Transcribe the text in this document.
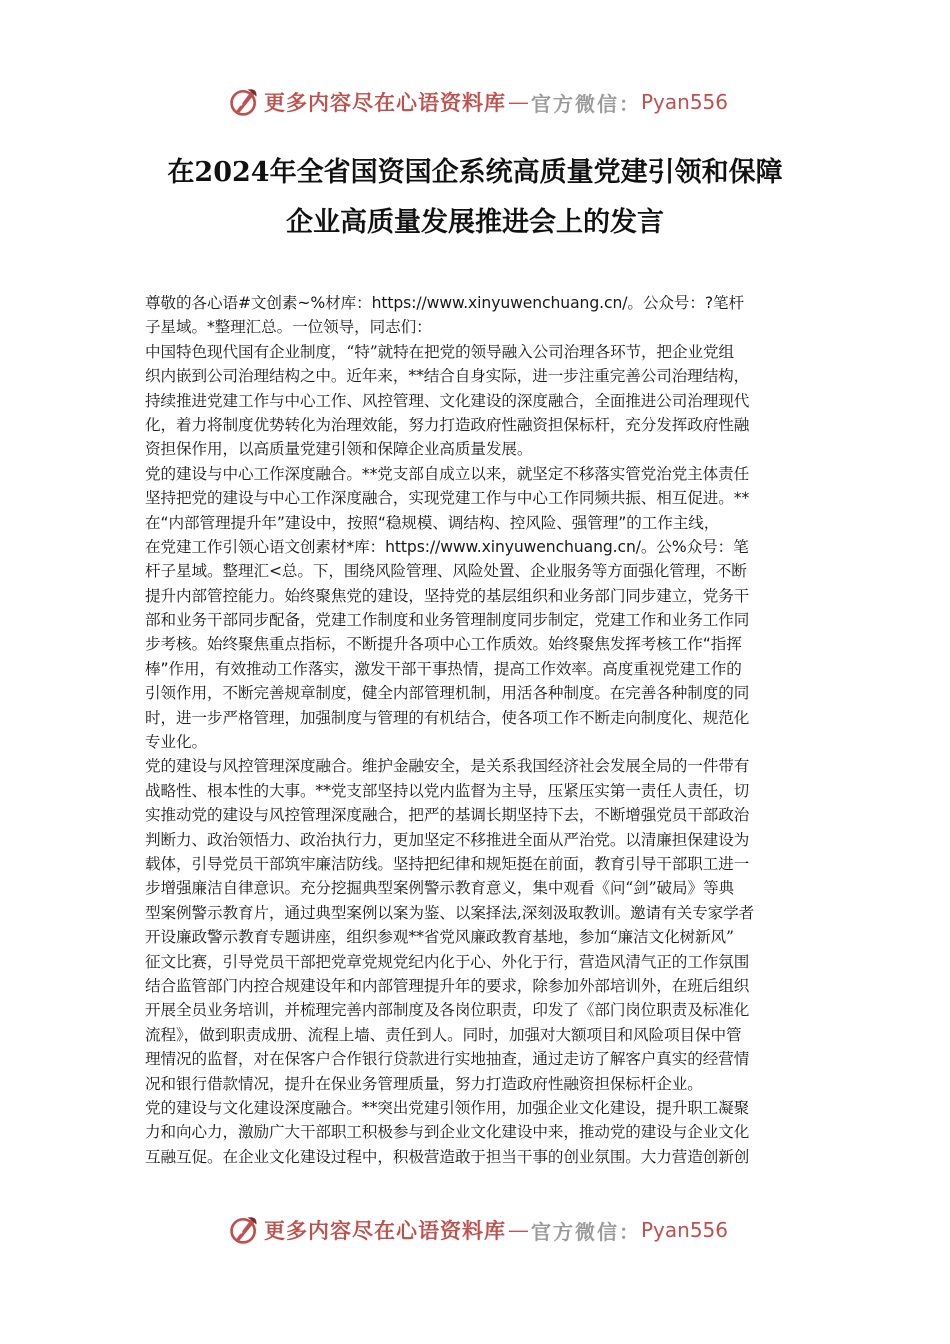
更多内容尽在心语资料库 — 官方微信： Pyan556
在2024年全省国资国企系统高质量党建引领和保障
企业高质量发展推进会上的发言
尊敬的各心语#文创素~%材库：https://www.xinyuwenchuang.cn/。公众号：?笔杆
子星域。*整理汇总。一位领导，同志们：
中国特色现代国有企业制度，“特”就特在把党的领导融入公司治理各环节，把企业党组
织内嵌到公司治理结构之中。近年来，**结合自身实际，进一步注重完善公司治理结构，
持续推进党建工作与中心工作、风控管理、文化建设的深度融合，全面推进公司治理现代
化，着力将制度优势转化为治理效能，努力打造政府性融资担保标杆，充分发挥政府性融
资担保作用，以高质量党建引领和保障企业高质量发展。
党的建设与中心工作深度融合。**党支部自成立以来，就坚定不移落实管党治党主体责任
坚持把党的建设与中心工作深度融合，实现党建工作与中心工作同频共振、相互促进。**
在“内部管理提升年”建设中，按照“稳规模、调结构、控风险、强管理”的工作主线，
在党建工作引领心语文创素材*库：https://www.xinyuwenchuang.cn/。公%众号：笔
杆子星域。整理汇<总。下，围绕风险管理、风险处置、企业服务等方面强化管理，不断
提升内部管控能力。始终聚焦党的建设，坚持党的基层组织和业务部门同步建立，党务干
部和业务干部同步配备，党建工作制度和业务管理制度同步制定，党建工作和业务工作同
步考核。始终聚焦重点指标，不断提升各项中心工作质效。始终聚焦发挥考核工作“指挥
棒”作用，有效推动工作落实，激发干部干事热情，提高工作效率。高度重视党建工作的
引领作用，不断完善规章制度，健全内部管理机制，用活各种制度。在完善各种制度的同
时，进一步严格管理，加强制度与管理的有机结合，使各项工作不断走向制度化、规范化
专业化。
党的建设与风控管理深度融合。维护金融安全，是关系我国经济社会发展全局的一件带有
战略性、根本性的大事。**党支部坚持以党内监督为主导，压紧压实第一责任人责任，切
实推动党的建设与风控管理深度融合，把严的基调长期坚持下去，不断增强党员干部政治
判断力、政治领悟力、政治执行力，更加坚定不移推进全面从严治党。以清廉担保建设为
载体，引导党员干部筑牢廉洁防线。坚持把纪律和规矩挺在前面，教育引导干部职工进一
步增强廉洁自律意识。充分挖掘典型案例警示教育意义，集中观看《问“剑”破局》等典
型案例警示教育片，通过典型案例以案为鉴、以案择法,深刻汲取教训。邀请有关专家学者
开设廉政警示教育专题讲座，组织参观**省党风廉政教育基地，参加“廉洁文化树新风”
征文比赛，引导党员干部把党章党规党纪内化于心、外化于行，营造风清气正的工作氛围
结合监管部门内控合规建设年和内部管理提升年的要求，除参加外部培训外，在班后组织
开展全员业务培训，并梳理完善内部制度及各岗位职责，印发了《部门岗位职责及标准化
流程》，做到职责成册、流程上墙、责任到人。同时，加强对大额项目和风险项目保中管
理情况的监督，对在保客户合作银行贷款进行实地抽查，通过走访了解客户真实的经营情
况和银行借款情况，提升在保业务管理质量，努力打造政府性融资担保标杆企业。
党的建设与文化建设深度融合。**突出党建引领作用，加强企业文化建设，提升职工凝聚
力和向心力，激励广大干部职工积极参与到企业文化建设中来，推动党的建设与企业文化
互融互促。在企业文化建设过程中，积极营造敢于担当干事的创业氛围。大力营造创新创
更多内容尽在心语资料库 — 官方微信： Pyan556
